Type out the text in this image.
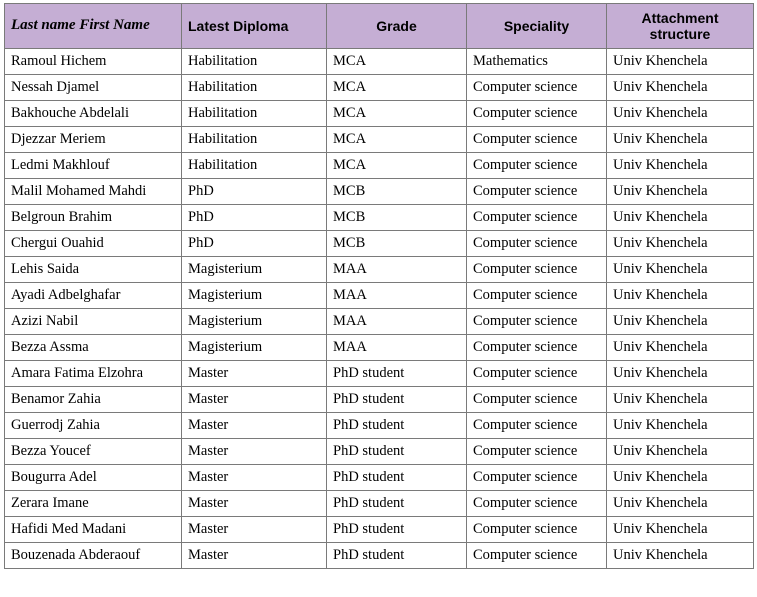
Last name First Name	Latest Diploma	Grade	Speciality	Attachment structure
Ramoul Hichem	Habilitation	MCA	Mathematics	Univ Khenchela
Nessah Djamel	Habilitation	MCA	Computer science	Univ Khenchela
Bakhouche Abdelali	Habilitation	MCA	Computer science	Univ Khenchela
Djezzar Meriem	Habilitation	MCA	Computer science	Univ Khenchela
Ledmi Makhlouf	Habilitation	MCA	Computer science	Univ Khenchela
Malil Mohamed Mahdi	PhD	MCB	Computer science	Univ Khenchela
Belgroun Brahim	PhD	MCB	Computer science	Univ Khenchela
Chergui Ouahid	PhD	MCB	Computer science	Univ Khenchela
Lehis Saida	Magisterium	MAA	Computer science	Univ Khenchela
Ayadi Adbelghafar	Magisterium	MAA	Computer science	Univ Khenchela
Azizi Nabil	Magisterium	MAA	Computer science	Univ Khenchela
Bezza Assma	Magisterium	MAA	Computer science	Univ Khenchela
Amara Fatima Elzohra	Master	PhD student	Computer science	Univ Khenchela
Benamor Zahia	Master	PhD student	Computer science	Univ Khenchela
Guerrodj Zahia	Master	PhD student	Computer science	Univ Khenchela
Bezza Youcef	Master	PhD student	Computer science	Univ Khenchela
Bougurra Adel	Master	PhD student	Computer science	Univ Khenchela
Zerara Imane	Master	PhD student	Computer science	Univ Khenchela
Hafidi Med Madani	Master	PhD student	Computer science	Univ Khenchela
Bouzenada Abderaouf	Master	PhD student	Computer science	Univ Khenchela
